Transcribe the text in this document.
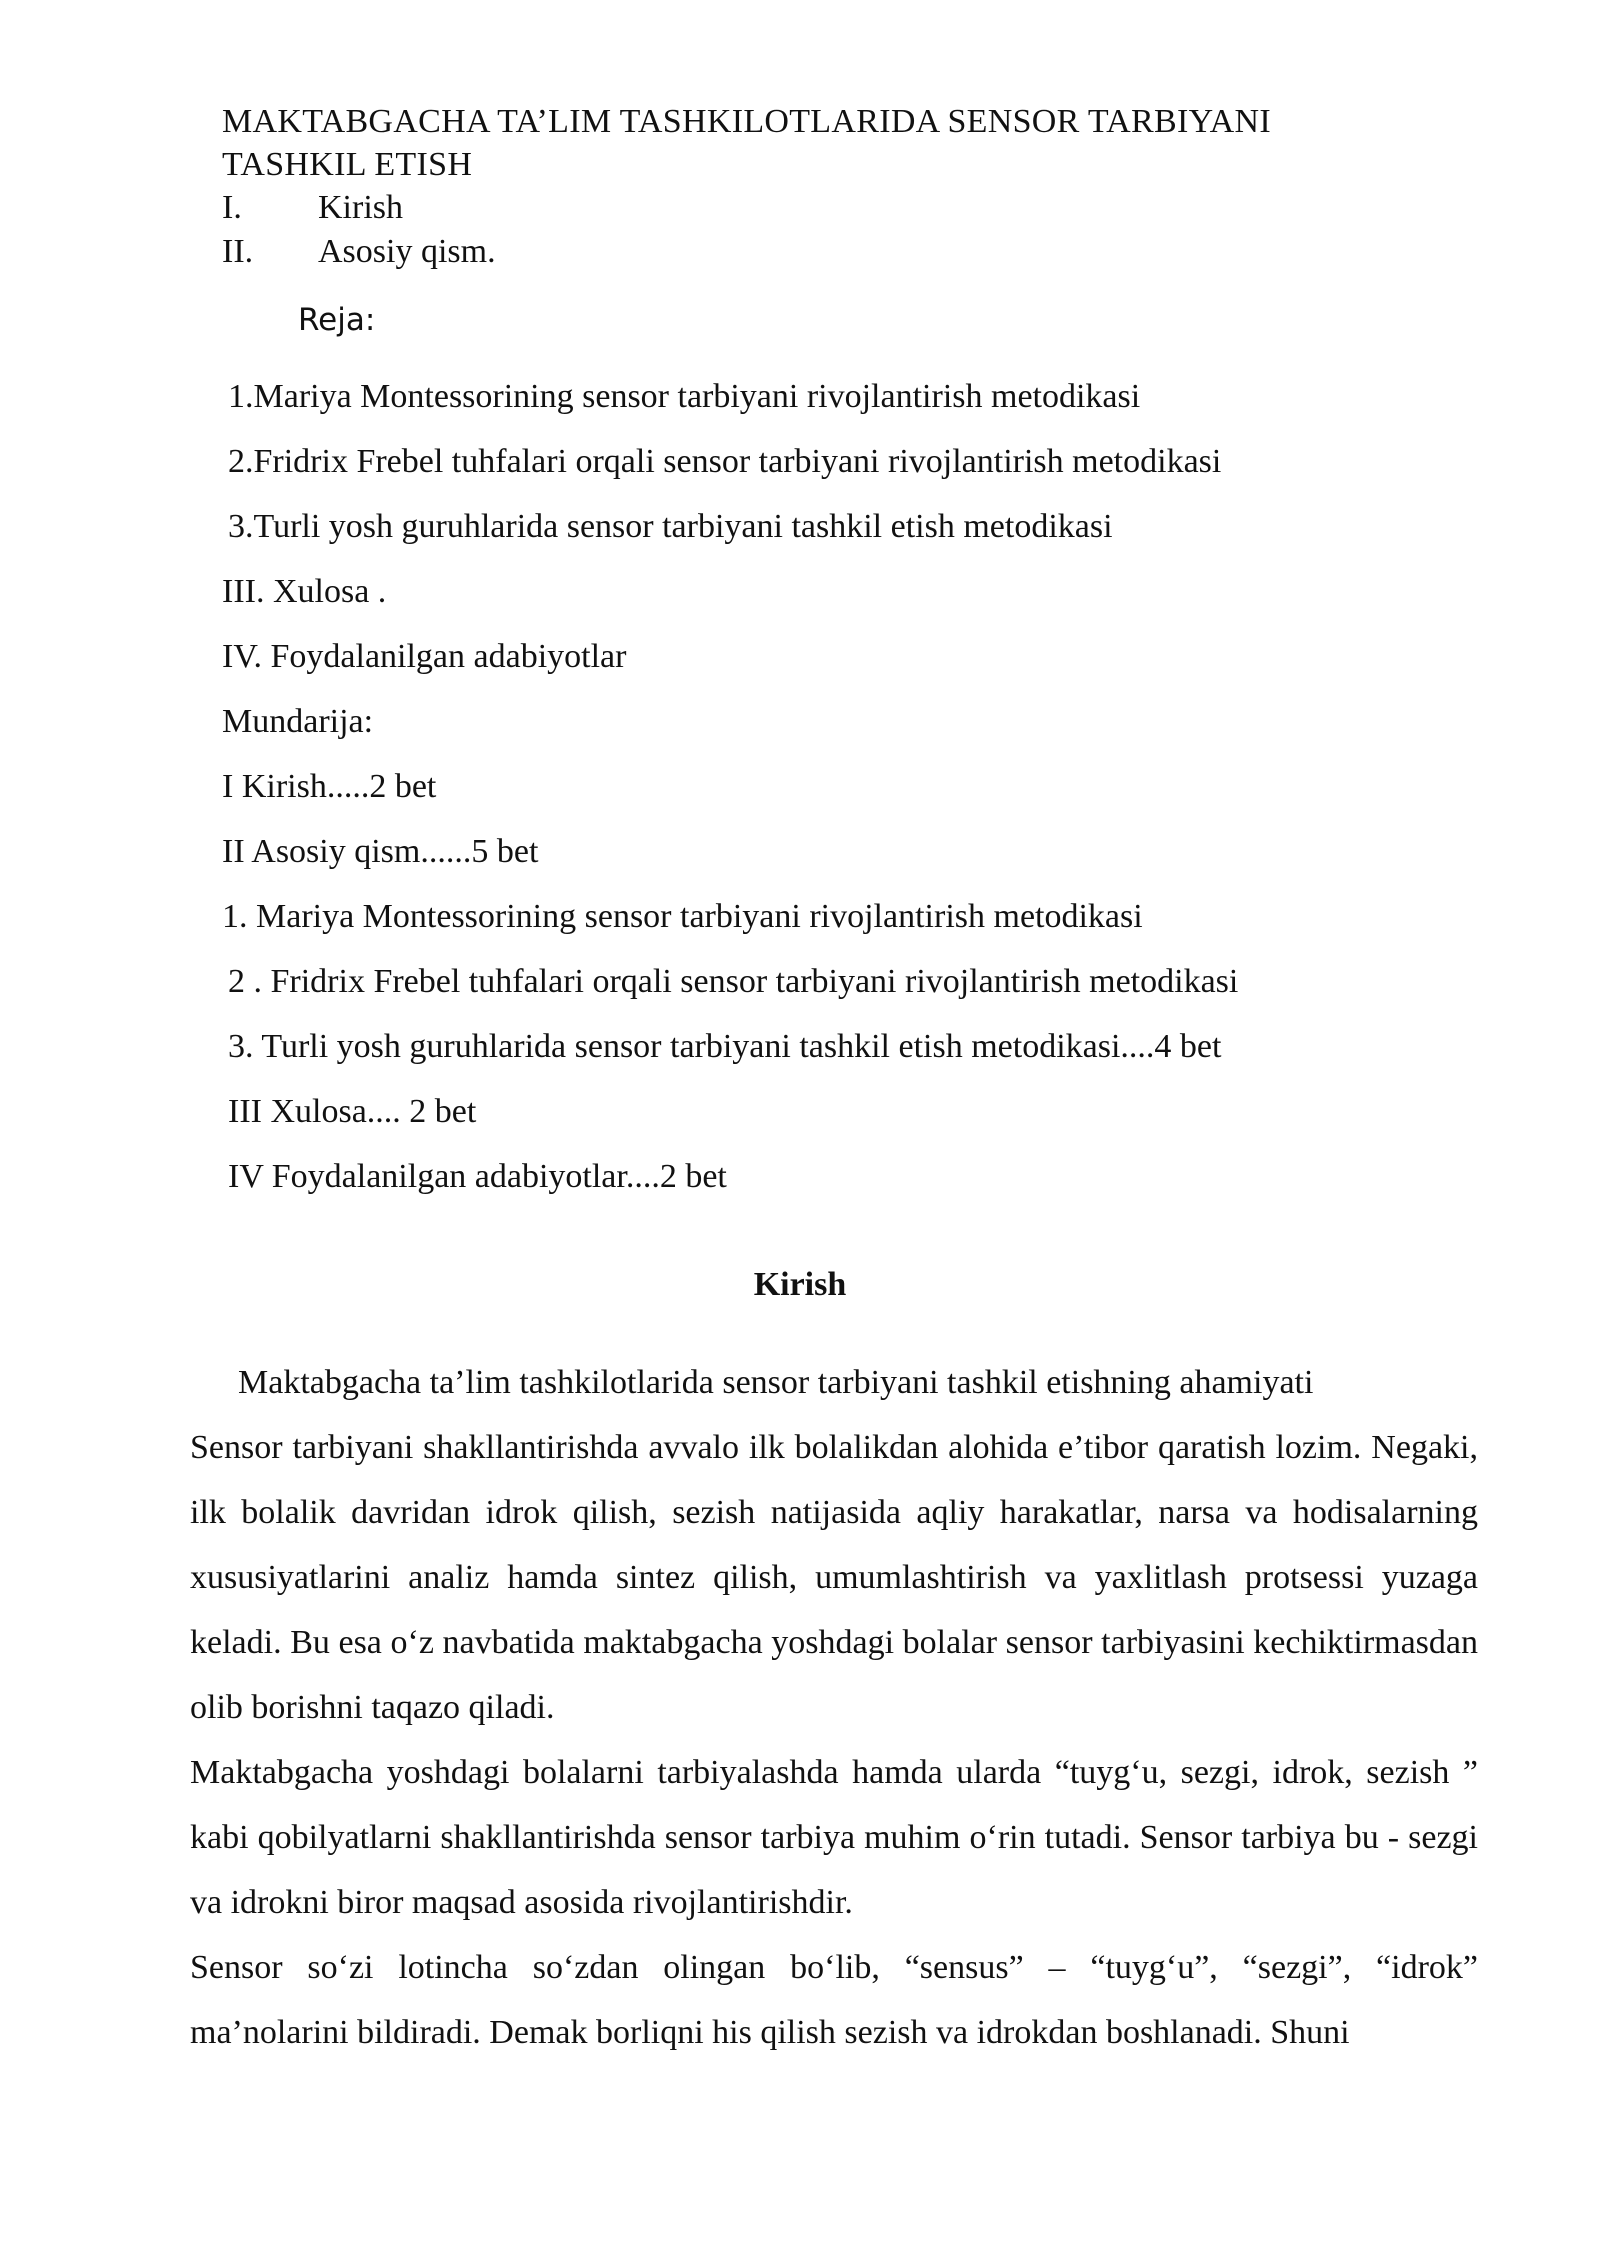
MAKTABGACHA TA’LIM TASHKILOTLARIDA SENSOR TARBIYANI
TASHKIL ETISH
I. Kirish
II. Asosiy qism.
Reja:
1.Mariya Montessorining sensor tarbiyani rivojlantirish metodikasi
2.Fridrix Frebel tuhfalari orqali sensor tarbiyani rivojlantirish metodikasi
3.Turli yosh guruhlarida sensor tarbiyani tashkil etish metodikasi
III. Xulosa .
IV. Foydalanilgan adabiyotlar
Mundarija:
I Kirish.....2 bet
II Asosiy qism......5 bet
1. Mariya Montessorining sensor tarbiyani rivojlantirish metodikasi
2 . Fridrix Frebel tuhfalari orqali sensor tarbiyani rivojlantirish metodikasi
3. Turli yosh guruhlarida sensor tarbiyani tashkil etish metodikasi....4 bet
III Xulosa.... 2 bet
IV Foydalanilgan adabiyotlar....2 bet
Kirish

Maktabgacha ta’lim tashkilotlarida sensor tarbiyani tashkil etishning ahamiyati

Sensor tarbiyani shakllantirishda avvalo ilk bolalikdan alohida e’tibor qaratish lozim. Negaki, ilk bolalik davridan idrok qilish, sezish natijasida aqliy harakatlar, narsa va hodisalarning xususiyatlarini analiz hamda sintez qilish, umumlashtirish va yaxlitlash protsessi yuzaga keladi. Bu esa o‘z navbatida maktabgacha yoshdagi bolalar sensor tarbiyasini kechiktirmasdan olib borishni taqazo qiladi.

Maktabgacha yoshdagi bolalarni tarbiyalashda hamda ularda “tuyg‘u, sezgi, idrok, sezish ” kabi qobilyatlarni shakllantirishda sensor tarbiya muhim o‘rin tutadi. Sensor tarbiya bu - sezgi va idrokni biror maqsad asosida rivojlantirishdir.

Sensor so‘zi lotincha so‘zdan olingan bo‘lib, “sensus” – “tuyg‘u”, “sezgi”, “idrok” ma’nolarini bildiradi. Demak borliqni his qilish sezish va idrokdan boshlanadi. Shuni
